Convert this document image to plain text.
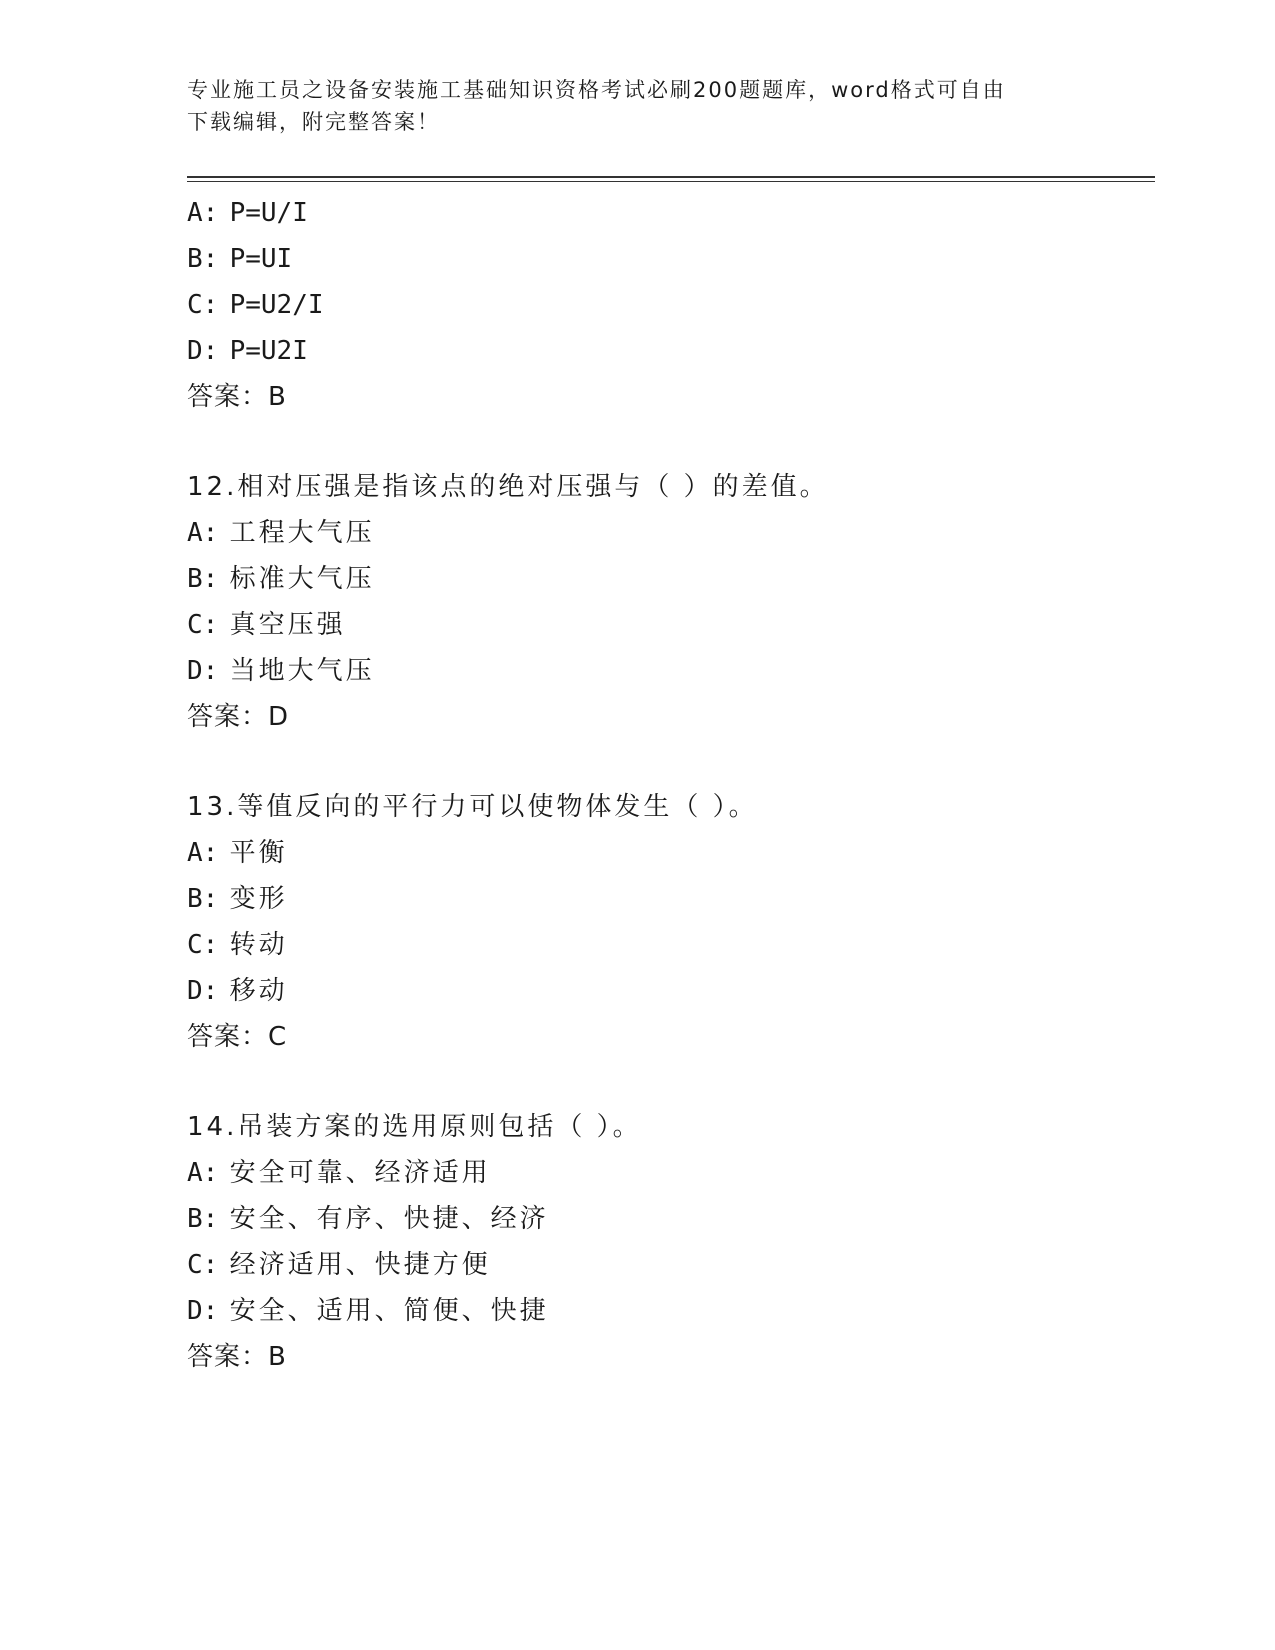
专业施工员之设备安装施工基础知识资格考试必刷200题题库，word格式可自由
下载编辑，附完整答案！
A: P=U/I
B: P=UI
C: P=U2/I
D: P=U2I
答案：B
12.相对压强是指该点的绝对压强与（ ）的差值。
A: 工程大气压
B: 标准大气压
C: 真空压强
D: 当地大气压
答案：D
13.等值反向的平行力可以使物体发生（ ）。
A: 平衡
B: 变形
C: 转动
D: 移动
答案：C
14.吊装方案的选用原则包括（ ）。
A: 安全可靠、经济适用
B: 安全、有序、快捷、经济
C: 经济适用、快捷方便
D: 安全、适用、简便、快捷
答案：B
